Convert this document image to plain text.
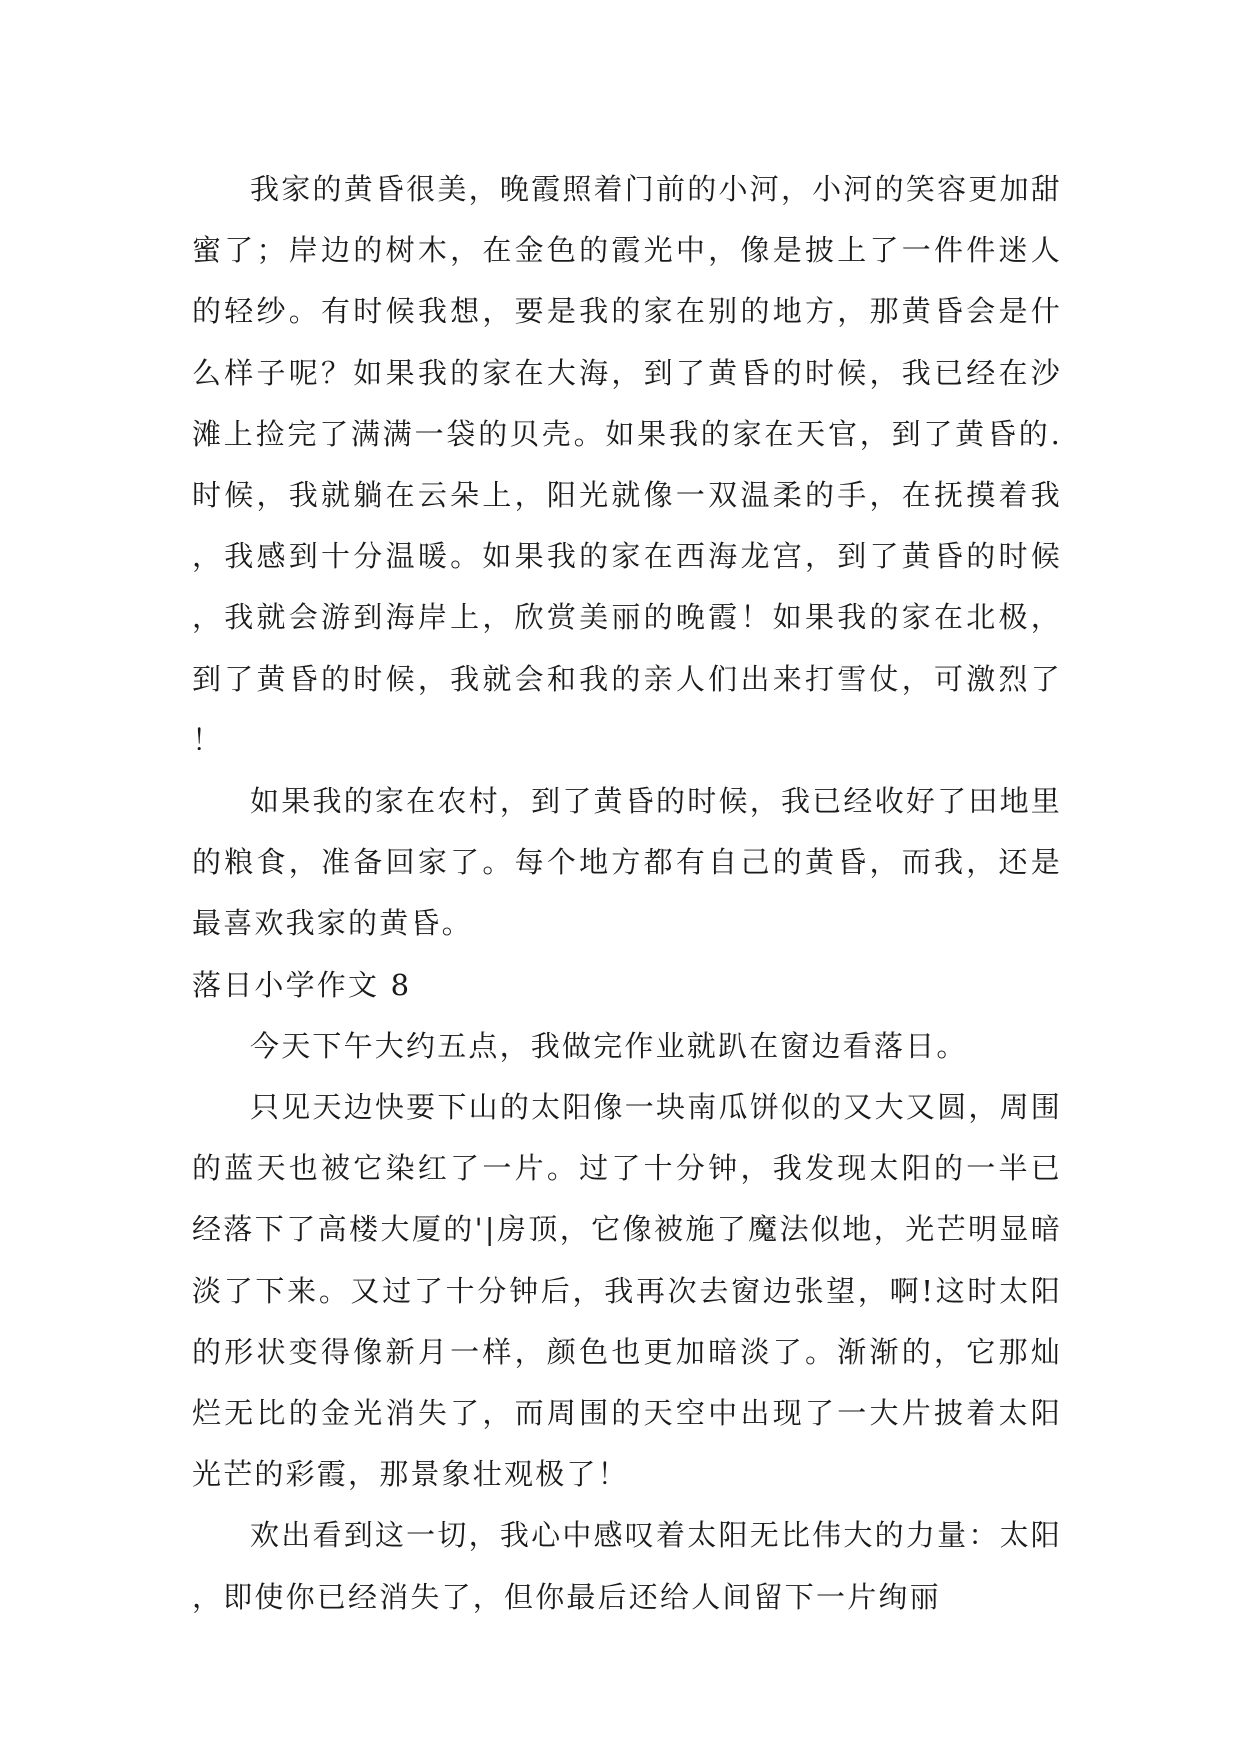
我家的黄昏很美，晚霞照着门前的小河，小河的笑容更加甜蜜了；岸边的树木，在金色的霞光中，像是披上了一件件迷人的轻纱。有时候我想，要是我的家在别的地方，那黄昏会是什么样子呢？如果我的家在大海，到了黄昏的时候，我已经在沙滩上捡完了满满一袋的贝壳。如果我的家在天官，到了黄昏的.时候，我就躺在云朵上，阳光就像一双温柔的手，在抚摸着我，我感到十分温暖。如果我的家在西海龙宫，到了黄昏的时候，我就会游到海岸上，欣赏美丽的晚霞！如果我的家在北极，到了黄昏的时候，我就会和我的亲人们出来打雪仗，可激烈了！

如果我的家在农村，到了黄昏的时候，我已经收好了田地里的粮食，准备回家了。每个地方都有自己的黄昏，而我，还是最喜欢我家的黄昏。

落日小学作文 8

今天下午大约五点，我做完作业就趴在窗边看落日。

只见天边快要下山的太阳像一块南瓜饼似的又大又圆，周围的蓝天也被它染红了一片。过了十分钟，我发现太阳的一半已经落下了高楼大厦的'|房顶，它像被施了魔法似地，光芒明显暗淡了下来。又过了十分钟后，我再次去窗边张望，啊!这时太阳的形状变得像新月一样，颜色也更加暗淡了。渐渐的，它那灿烂无比的金光消失了，而周围的天空中出现了一大片披着太阳光芒的彩霞，那景象壮观极了！

欢出看到这一切，我心中感叹着太阳无比伟大的力量：太阳，即使你已经消失了，但你最后还给人间留下一片绚丽
